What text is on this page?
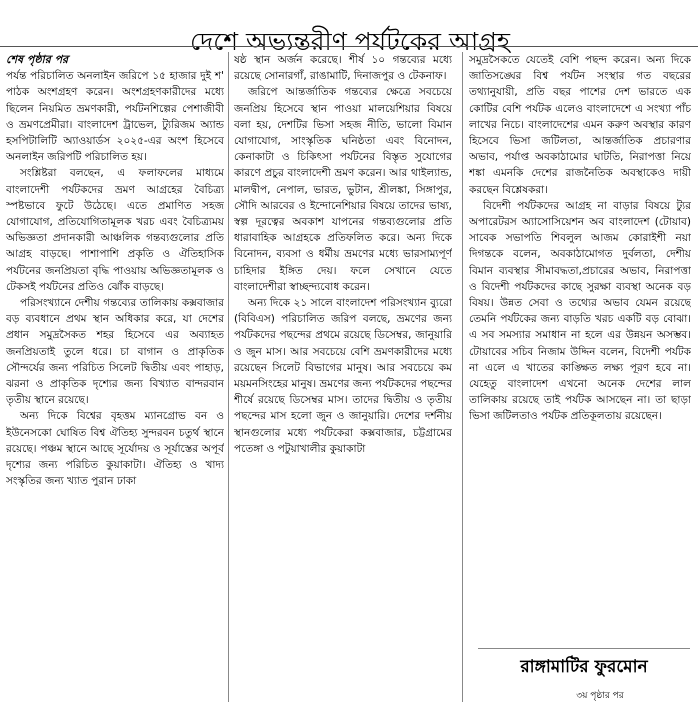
দেশে অভ্যন্তরীণ পর্যটকের আগ্রহ

শেষ পৃষ্ঠার পর

পর্যন্ত পরিচালিত অনলাইন জরিপে ১৫ হাজার দুই শ' পাঠক অংশগ্রহণ করেন। অংশগ্রহণকারীদের মধ্যে ছিলেন নিয়মিত ভ্রমণকারী, পর্যটনশিল্পের পেশাজীবী ও ভ্রমণপ্রেমীরা। বাংলাদেশ ট্রাভেল, ট্যুরিজম অ্যান্ড হসপিটালিটি অ্যাওয়ার্ডস ২০২৫-এর অংশ হিসেবে অনলাইন জরিপটি পরিচালিত হয়।

সংশ্লিষ্টরা বলছেন, এ ফলাফলের মাধ্যমে বাংলাদেশী পর্যটকদের ভ্রমণ আগ্রহের বৈচিত্র্য স্পষ্টভাবে ফুটে উঠেছে। এতে প্রমাণিত সহজ যোগাযোগ, প্রতিযোগিতামূলক খরচ এবং বৈচিত্র্যময় অভিজ্ঞতা প্রদানকারী আঞ্চলিক গন্তব্যগুলোর প্রতি আগ্রহ বাড়ছে। পাশাপাশি প্রকৃতি ও ঐতিহাসিক পর্যটনের জনপ্রিয়তা বৃদ্ধি পাওয়ায় অভিজ্ঞতামূলক ও টেকসই পর্যটনের প্রতিও ঝোঁক বাড়ছে।

পরিসংখ্যানে দেশীয় গন্তব্যের তালিকায় কক্সবাজার বড় ব্যবধানে প্রথম স্থান অধিকার করে, যা দেশের প্রধান সমুদ্রসৈকত শহর হিসেবে এর অব্যাহত জনপ্রিয়তাই তুলে ধরে। চা বাগান ও প্রাকৃতিক সৌন্দর্যের জন্য পরিচিত সিলেট দ্বিতীয় এবং পাহাড়, ঝরনা ও প্রাকৃতিক দৃশ্যের জন্য বিখ্যাত বান্দরবান তৃতীয় স্থানে রয়েছে।

অন্য দিকে বিশ্বের বৃহত্তম ম্যানগ্রোভ বন ও ইউনেসকো ঘোষিত বিশ্ব ঐতিহ্য সুন্দরবন চতুর্থ স্থানে রয়েছে। পঞ্চম স্থানে আছে সূর্যোদয় ও সূর্যাস্তের অপূর্ব দৃশ্যের জন্য পরিচিত কুয়াকাটা। ঐতিহ্য ও খাদ্য সংস্কৃতির জন্য খ্যাত পুরান ঢাকা

ষষ্ঠ স্থান অর্জন করেছে। শীর্ষ ১০ গন্তব্যের মধ্যে রয়েছে সোনারগাঁ, রাঙামাটি, দিনাজপুর ও টেকনাফ।

জরিপে আন্তর্জাতিক গন্তব্যের ক্ষেত্রে সবচেয়ে জনপ্রিয় হিসেবে স্থান পাওয়া মালয়েশিয়ার বিষয়ে বলা হয়, দেশটির ভিসা সহজ নীতি, ভালো বিমান যোগাযোগ, সাংস্কৃতিক ঘনিষ্ঠতা এবং বিনোদন, কেনাকাটা ও চিকিৎসা পর্যটনের বিস্তৃত সুযোগের কারণে প্রচুর বাংলাদেশী ভ্রমণ করেন। আর থাইল্যান্ড, মালদ্বীপ, নেপাল, ভারত, ভুটান, শ্রীলঙ্কা, সিঙ্গাপুর, সৌদি আরবের ও ইন্দোনেশিয়ার বিষয়ে তাদের ভাষ্য, স্বল্প দূরত্বের অবকাশ যাপনের গন্তব্যগুলোর প্রতি ধারাবাহিক আগ্রহকে প্রতিফলিত করে। অন্য দিকে বিনোদন, ব্যবসা ও ধর্মীয় ভ্রমণের মধ্যে ভারসাম্যপূর্ণ চাহিদার ইঙ্গিত দেয়। ফলে সেখানে যেতে বাংলাদেশীরা স্বাচ্ছন্দ্যবোধ করেন।

অন্য দিকে ২১ সালে বাংলাদেশ পরিসংখ্যান ব্যুরো (বিবিএস) পরিচালিত জরিপ বলছে, ভ্রমণের জন্য পর্যটকদের পছন্দের প্রথমে রয়েছে ডিসেম্বর, জানুয়ারি ও জুন মাস। আর সবচেয়ে বেশি ভ্রমণকারীদের মধ্যে রয়েছেন সিলেট বিভাগের মানুষ। আর সবচেয়ে কম ময়মনসিংহের মানুষ। ভ্রমণের জন্য পর্যটকদের পছন্দের শীর্ষে রয়েছে ডিসেম্বর মাস। তাদের দ্বিতীয় ও তৃতীয় পছন্দের মাস হলো জুন ও জানুয়ারি। দেশের দর্শনীয় স্থানগুলোর মধ্যে পর্যটকেরা কক্সবাজার, চট্টগ্রামের পতেঙ্গা ও পটুয়াখালীর কুয়াকাটা

সমুদ্রসৈকতে যেতেই বেশি পছন্দ করেন। অন্য দিকে জাতিসঙ্ঘের বিশ্ব পর্যটন সংস্থার গত বছরের তথ্যানুযায়ী, প্রতি বছর পাশের দেশ ভারতে এক কোটির বেশি পর্যটক এলেও বাংলাদেশে এ সংখ্যা পাঁচ লাখের নিচে। বাংলাদেশের এমন করুণ অবস্থার কারণ হিসেবে ভিসা জটিলতা, আন্তর্জাতিক প্রচারণার অভাব, পর্যাপ্ত অবকাঠামোর ঘাটতি, নিরাপত্তা নিয়ে শঙ্কা এমনকি দেশের রাজনৈতিক অবস্থাকেও দায়ী করছেন বিশ্লেষকরা।

বিদেশী পর্যটকদের আগ্রহ না বাড়ার বিষয়ে ট্যুর অপারেটরস অ্যাসোসিয়েশন অব বাংলাদেশ (টোয়াব) সাবেক সভাপতি শিবলুল আজম কোরাইশী নয়া দিগন্তকে বলেন, অবকাঠামোগত দুর্বলতা, দেশীয় বিমান ব্যবস্থার সীমাবদ্ধতা,প্রচারের অভাব, নিরাপত্তা ও বিদেশী পর্যটকদের কাছে সুরক্ষা ব্যবস্থা অনেক বড় বিষয়। উন্নত সেবা ও তথ্যের অভাব যেমন রয়েছে তেমনি পর্যটকের জন্য বাড়তি খরচ একটি বড় বোঝা। এ সব সমস্যার সমাধান না হলে এর উন্নয়ন অসম্ভব। টোয়াবের সচিব নিজাম উদ্দিন বলেন, বিদেশী পর্যটক না এলে এ খাতের কাঙ্ক্ষিত লক্ষ্য পূরণ হবে না। যেহেতু বাংলাদেশ এখনো অনেক দেশের লাল তালিকায় রয়েছে তাই পর্যটক আসছেন না। তা ছাড়া ভিসা জটিলতাও পর্যটক প্রতিকূলতায় রয়েছেন।

রাঙ্গামাটির ফুরমোন
৩য় পৃষ্ঠার পর
